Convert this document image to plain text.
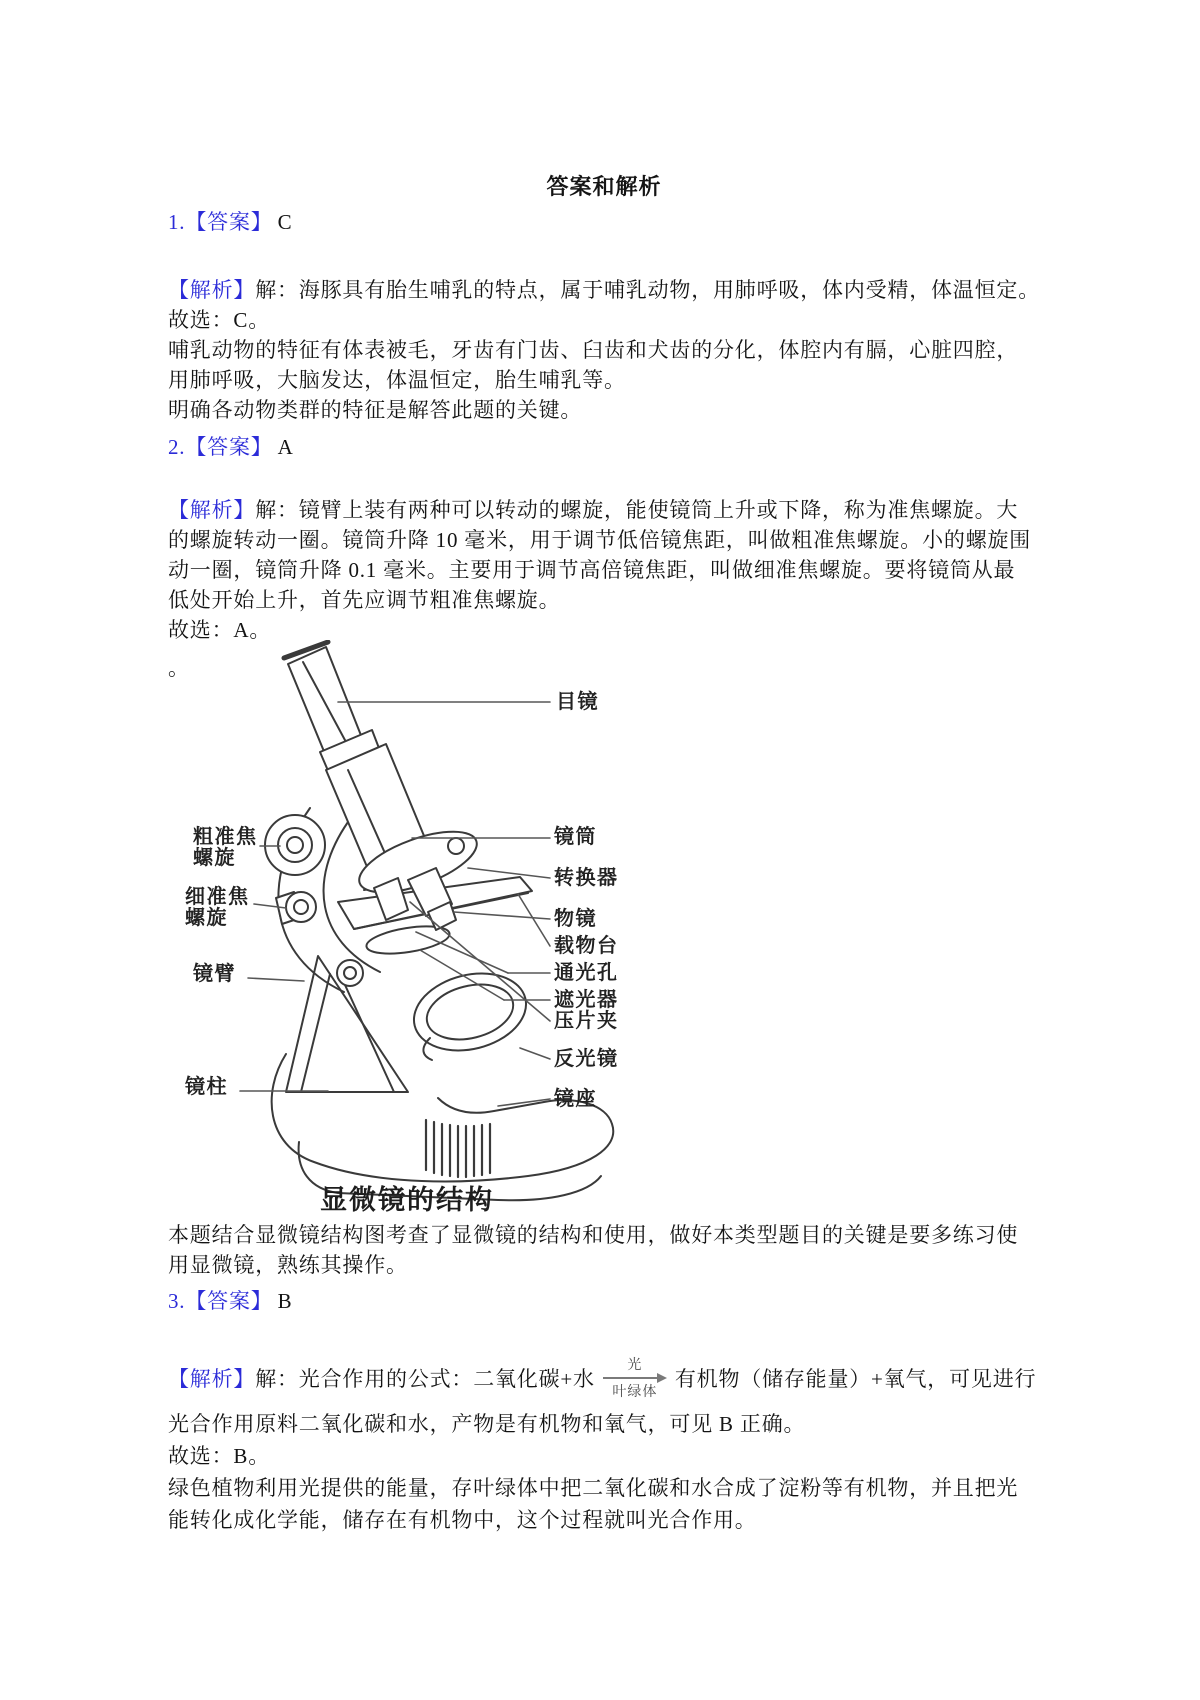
答案和解析
1.【答案】 C
【解析】解：海豚具有胎生哺乳的特点，属于哺乳动物，用肺呼吸，体内受精，体温恒定。
故选：C。
哺乳动物的特征有体表被毛，牙齿有门齿、臼齿和犬齿的分化，体腔内有膈，心脏四腔，
用肺呼吸，大脑发达，体温恒定，胎生哺乳等。
明确各动物类群的特征是解答此题的关键。
2.【答案】 A
【解析】解：镜臂上装有两种可以转动的螺旋，能使镜筒上升或下降，称为准焦螺旋。大
的螺旋转动一圈。镜筒升降 10 毫米，用于调节低倍镜焦距，叫做粗准焦螺旋。小的螺旋围
动一圈，镜筒升降 0.1 毫米。主要用于调节高倍镜焦距，叫做细准焦螺旋。要将镜筒从最
低处开始上升，首先应调节粗准焦螺旋。
故选：A。
。
粗准焦
螺旋
细准焦
螺旋
镜臂
镜柱
目镜
镜筒
转换器
物镜
载物台
通光孔
遮光器
压片夹
反光镜
镜座
显微镜的结构
本题结合显微镜结构图考查了显微镜的结构和使用，做好本类型题目的关键是要多练习使
用显微镜，熟练其操作。
3.【答案】 B
【解析】 解：光合作用的公式：二氧化碳+水
光
叶绿体 有机物（储存能量）+氧气，可见进行
光合作用原料二氧化碳和水，产物是有机物和氧气，可见 B 正确。
故选：B。
绿色植物利用光提供的能量，存叶绿体中把二氧化碳和水合成了淀粉等有机物，并且把光
能转化成化学能，储存在有机物中，这个过程就叫光合作用。
